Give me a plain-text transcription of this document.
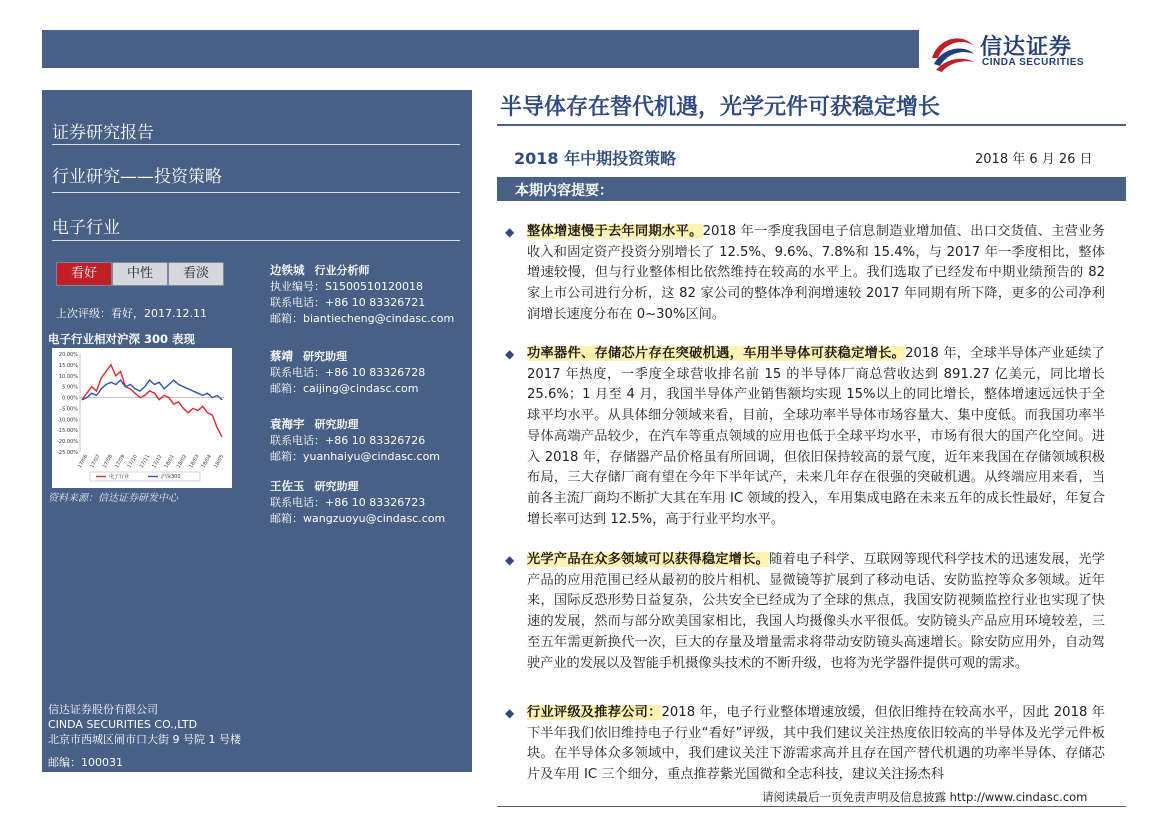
信达证券
CINDA SECURITIES
证券研究报告
行业研究——投资策略
电子行业
看好	中性	看淡
上次评级：看好，2017.12.11
电子行业相对沪深 300 表现
20.00%
15.00%
10.00%
5.00%
0.00%
-5.00%
-10.00%
-15.00%
-20.00%
-25.00%
17/06 17/07 17/08 17/09 17/10 17/11 17/12 18/01 18/02 18/03 18/04 18/05
电子行业	沪深300
资料来源：信达证券研发中心
边铁城 行业分析师
执业编号：S1500510120018
联系电话：+86 10 83326721
邮箱：biantiecheng@cindasc.com
蔡靖 研究助理
联系电话：+86 10 83326728
邮箱：caijing@cindasc.com
袁海宇 研究助理
联系电话：+86 10 83326726
邮箱：yuanhaiyu@cindasc.com
王佐玉 研究助理
联系电话：+86 10 83326723
邮箱：wangzuoyu@cindasc.com
信达证券股份有限公司
CINDA SECURITIES CO.,LTD
北京市西城区闹市口大街 9 号院 1 号楼
邮编：100031
半导体存在替代机遇，光学元件可获稳定增长
2018 年中期投资策略	2018 年 6 月 26 日
本期内容提要：
◆ 整体增速慢于去年同期水平。2018 年一季度我国电子信息制造业增加值、出口交货值、主营业务收入和固定资产投资分别增长了 12.5%、9.6%、7.8%和 15.4%，与 2017 年一季度相比，整体增速较慢，但与行业整体相比依然维持在较高的水平上。我们选取了已经发布中期业绩预告的 82 家上市公司进行分析，这 82 家公司的整体净利润增速较 2017 年同期有所下降，更多的公司净利润增长速度分布在 0~30%区间。
◆ 功率器件、存储芯片存在突破机遇，车用半导体可获稳定增长。2018 年，全球半导体产业延续了 2017 年热度，一季度全球营收排名前 15 的半导体厂商总营收达到 891.27 亿美元，同比增长 25.6%；1 月至 4 月，我国半导体产业销售额均实现 15%以上的同比增长，整体增速远远快于全球平均水平。从具体细分领域来看，目前，全球功率半导体市场容量大、集中度低。而我国功率半导体高端产品较少，在汽车等重点领域的应用也低于全球平均水平，市场有很大的国产化空间。进入 2018 年，存储器产品价格虽有所回调，但依旧保持较高的景气度，近年来我国在存储领域积极布局，三大存储厂商有望在今年下半年试产，未来几年存在很强的突破机遇。从终端应用来看，当前各主流厂商均不断扩大其在车用 IC 领域的投入，车用集成电路在未来五年的成长性最好，年复合增长率可达到 12.5%，高于行业平均水平。
◆ 光学产品在众多领域可以获得稳定增长。随着电子科学、互联网等现代科学技术的迅速发展，光学产品的应用范围已经从最初的胶片相机、显微镜等扩展到了移动电话、安防监控等众多领域。近年来，国际反恐形势日益复杂，公共安全已经成为了全球的焦点，我国安防视频监控行业也实现了快速的发展，然而与部分欧美国家相比，我国人均摄像头水平很低。安防镜头产品应用环境较差，三至五年需更新换代一次，巨大的存量及增量需求将带动安防镜头高速增长。除安防应用外，自动驾驶产业的发展以及智能手机摄像头技术的不断升级，也将为光学器件提供可观的需求。
◆ 行业评级及推荐公司：2018 年，电子行业整体增速放缓，但依旧维持在较高水平，因此 2018 年下半年我们依旧维持电子行业“看好”评级，其中我们建议关注热度依旧较高的半导体及光学元件板块。在半导体众多领域中，我们建议关注下游需求高并且存在国产替代机遇的功率半导体、存储芯片及车用 IC 三个细分，重点推荐紫光国微和全志科技，建议关注扬杰科
请阅读最后一页免责声明及信息披露 http://www.cindasc.com
